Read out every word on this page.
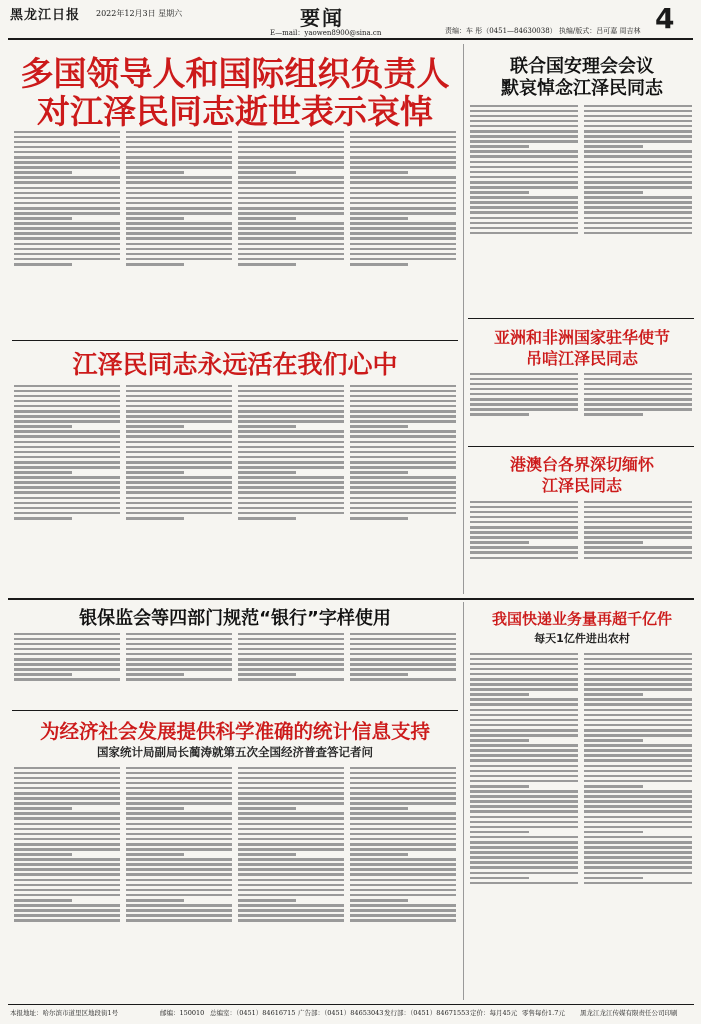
黑龙江日报 2022年12月3日 星期六	要闻
E—mail：yaowen8900@sina.cn	责编：车 彤（0451—84630038） 执编/版式：吕可嘉 周吉林 4
多国领导人和国际组织负责人
对江泽民同志逝世表示哀悼
联合国安理会会议
默哀悼念江泽民同志
亚洲和非洲国家驻华使节
吊唁江泽民同志
港澳台各界深切缅怀
江泽民同志
江泽民同志永远活在我们心中
银保监会等四部门规范“银行”字样使用	我国快递业务量再超千亿件
每天1亿件进出农村
为经济社会发展提供科学准确的统计信息支持
国家统计局副局长蔺涛就第五次全国经济普查答记者问
本报地址：哈尔滨市道里区地段街1号	邮编：150010 总编室：（0451）84616715 广告部：（0451）84653043 发行部：（0451）84671553 定价：每月45元 零售每份1.7元 黑龙江龙江传媒有限责任公司印刷
